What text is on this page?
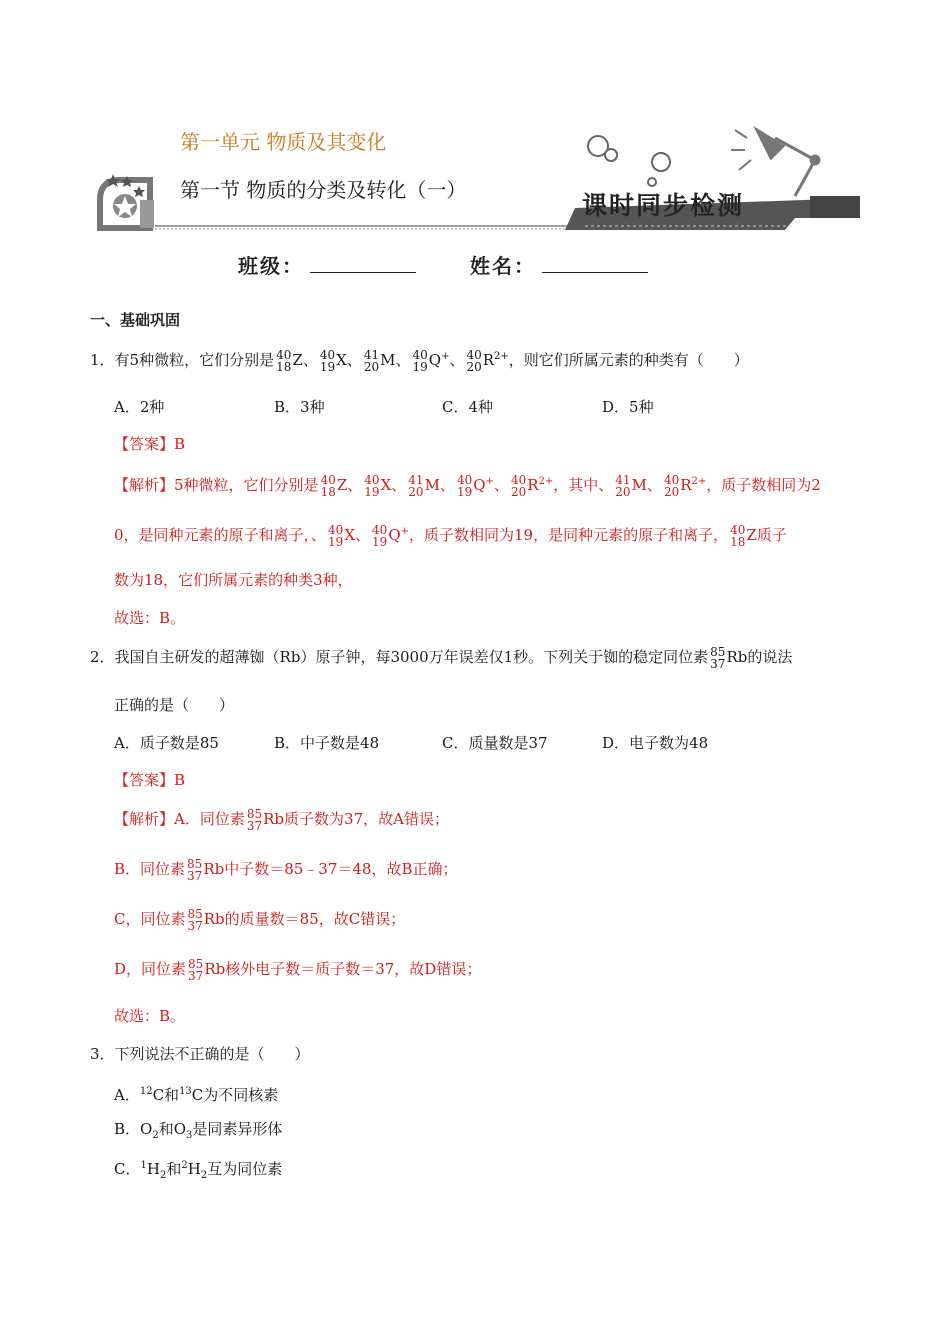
第一单元 物质及其变化
第一节 物质的分类及转化（一）
课时同步检测
班级：	姓名：
一、基础巩固
1．有5种微粒，它们分别是 40
18 Z、 40
19 X、 41
20 M、 40
19 Q+、 40
20 $R^{2+}$，则它们所属元素的种类有（　　）
A．2种	B．3种	C．4种	D．5种
【答案】B
【解析】5种微粒，它们分别是 40
18 Z、 40
19 X、 41
20 M、 40
19 Q+、 40
20 $R^{2+}$，其中、 41
20 M、 40
20 $R^{2+}$，质子数相同为2
0，是同种元素的原子和离子，、 40
19 X、 40
19 Q+，质子数相同为19，是同种元素的原子和离子， 40
18 Z质子
数为18，它们所属元素的种类3种，
故选：B。
2．我国自主研发的超薄铷（Rb）原子钟，每3000万年误差仅1秒。下列关于铷的稳定同位素 85
37 Rb的说法
正确的是（　　）
A．质子数是85	B．中子数是48	C．质量数是37	D．电子数为48
【答案】B
【解析】A．同位素 85
37 Rb质子数为37，故A错误；
B．同位素 85
37 Rb中子数＝85﹣37＝48，故B正确；
C，同位素 85
37 Rb的质量数＝85，故C错误；
D，同位素 85
37 Rb核外电子数＝质子数＝37，故D错误；
故选：B。
3．下列说法不正确的是（　　）
A．$^{12}$C和$^{13}$C为不同核素
B．$O_2$和$O_3$是同素异形体
C．$^1H_2$和$^2H_2$互为同位素
